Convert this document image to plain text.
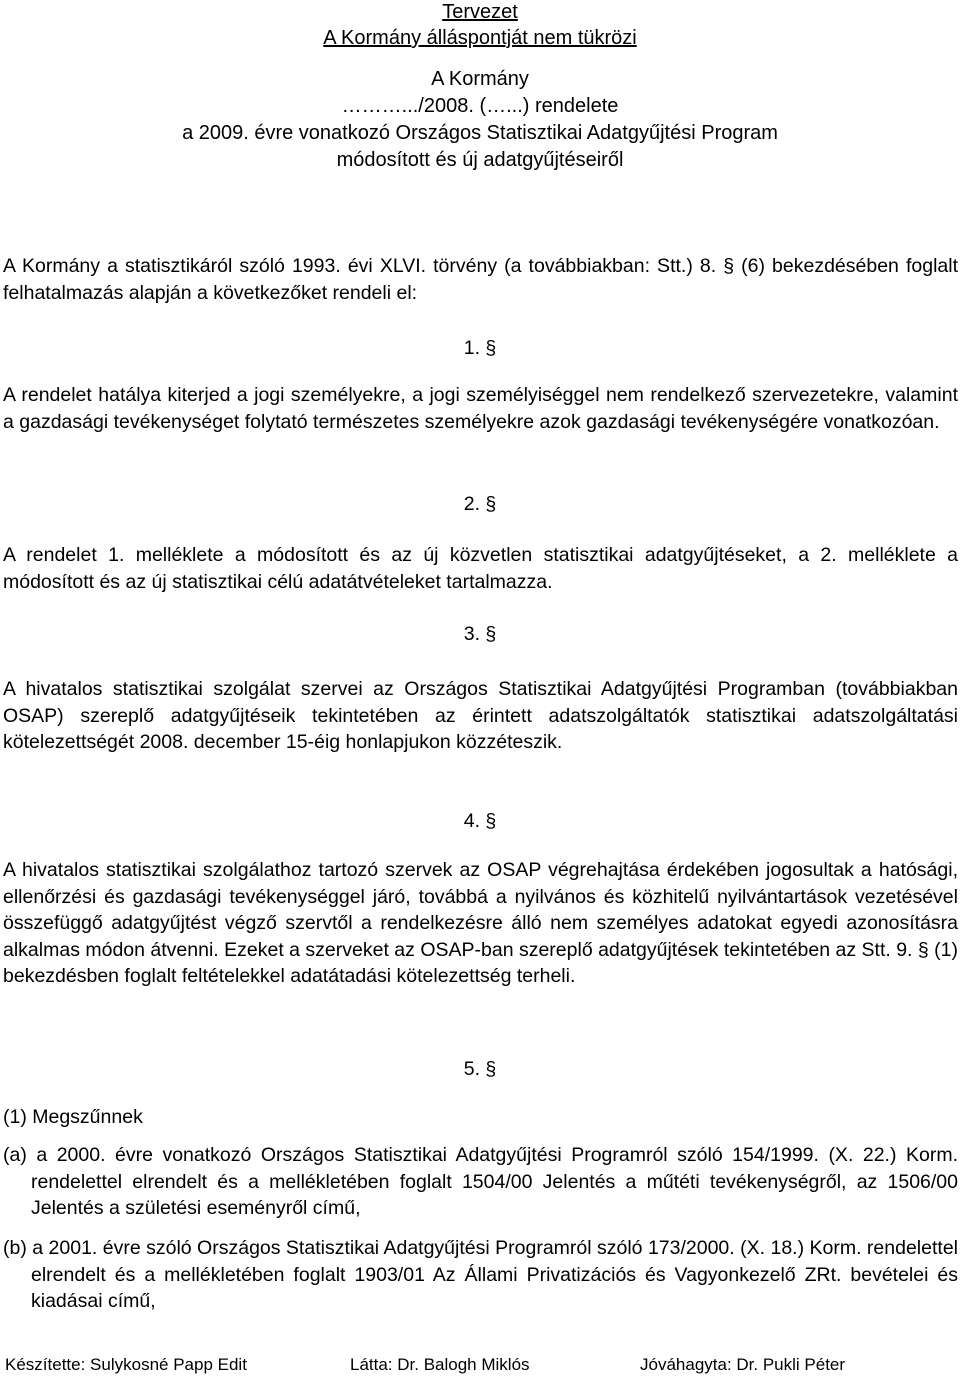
Tervezet
A Kormány álláspontját nem tükrözi
A Kormány
……….../2008. (…...) rendelete
a 2009. évre vonatkozó Országos Statisztikai Adatgyűjtési Program
módosított és új adatgyűjtéseiről
A Kormány a statisztikáról szóló 1993. évi XLVI. törvény (a továbbiakban: Stt.) 8. § (6) bekezdésében foglalt felhatalmazás alapján a következőket rendeli el:
1. §
A rendelet hatálya kiterjed a jogi személyekre, a jogi személyiséggel nem rendelkező szervezetekre, valamint a gazdasági tevékenységet folytató természetes személyekre azok gazdasági tevékenységére vonatkozóan.
2. §
A rendelet 1. melléklete a módosított és az új közvetlen statisztikai adatgyűjtéseket, a 2. melléklete a módosított és az új statisztikai célú adatátvételeket tartalmazza.
3. §
A hivatalos statisztikai szolgálat szervei az Országos Statisztikai Adatgyűjtési Programban (továbbiakban OSAP) szereplő adatgyűjtéseik tekintetében az érintett adatszolgáltatók statisztikai adatszolgáltatási kötelezettségét 2008. december 15-éig honlapjukon közzéteszik.
4. §
A hivatalos statisztikai szolgálathoz tartozó szervek az OSAP végrehajtása érdekében jogosultak a hatósági, ellenőrzési és gazdasági tevékenységgel járó, továbbá a nyilvános és közhitelű nyilvántartások vezetésével összefüggő adatgyűjtést végző szervtől a rendelkezésre álló nem személyes adatokat egyedi azonosításra alkalmas módon átvenni. Ezeket a szerveket az OSAP-ban szereplő adatgyűjtések tekintetében az Stt. 9. § (1) bekezdésben foglalt feltételekkel adatátadási kötelezettség terheli.
5. §
(1) Megszűnnek
(a) a 2000. évre vonatkozó Országos Statisztikai Adatgyűjtési Programról szóló 154/1999. (X. 22.) Korm. rendelettel elrendelt és a mellékletében foglalt 1504/00 Jelentés a műtéti tevékenységről, az 1506/00 Jelentés a születési eseményről című,
(b) a 2001. évre szóló Országos Statisztikai Adatgyűjtési Programról szóló 173/2000. (X. 18.) Korm. rendelettel elrendelt és a mellékletében foglalt 1903/01 Az Állami Privatizációs és Vagyonkezelő ZRt. bevételei és kiadásai című,
Készítette: Sulykosné Papp Edit	Látta: Dr. Balogh Miklós	Jóváhagyta: Dr. Pukli Péter
